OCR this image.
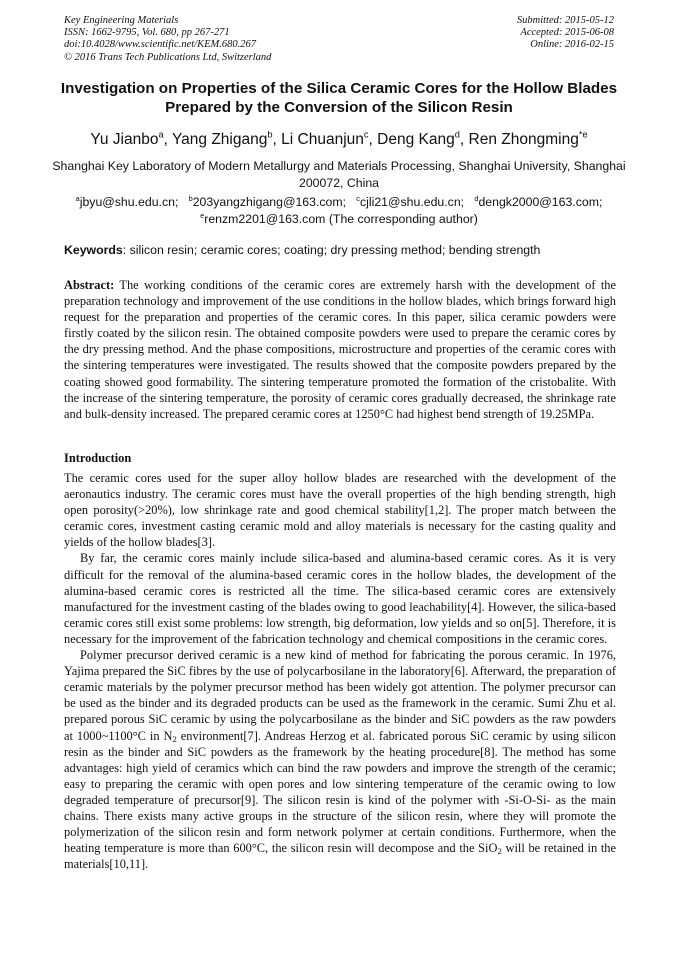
Key Engineering Materials
ISSN: 1662-9795, Vol. 680, pp 267-271
doi:10.4028/www.scientific.net/KEM.680.267
© 2016 Trans Tech Publications Ltd, Switzerland
Submitted: 2015-05-12
Accepted: 2015-06-08
Online: 2016-02-15
Investigation on Properties of the Silica Ceramic Cores for the Hollow Blades Prepared by the Conversion of the Silicon Resin
Yu Jianbo$^a$, Yang Zhigang$^b$, Li Chuanjun$^c$, Deng Kang$^d$, Ren Zhongming$^{*e}$
Shanghai Key Laboratory of Modern Metallurgy and Materials Processing, Shanghai University, Shanghai 200072, China
$^a$jbyu@shu.edu.cn; $^b$203yangzhigang@163.com; $^c$cjli21@shu.edu.cn; $^d$dengk2000@163.com;
$^e$renzm2201@163.com (The corresponding author)
Keywords: silicon resin; ceramic cores; coating; dry pressing method; bending strength
Abstract: The working conditions of the ceramic cores are extremely harsh with the development of the preparation technology and improvement of the use conditions in the hollow blades, which brings forward high request for the preparation and properties of the ceramic cores. In this paper, silica ceramic powders were firstly coated by the silicon resin. The obtained composite powders were used to prepare the ceramic cores by the dry pressing method. And the phase compositions, microstructure and properties of the ceramic cores with the sintering temperatures were investigated. The results showed that the composite powders prepared by the coating showed good formability. The sintering temperature promoted the formation of the cristobalite. With the increase of the sintering temperature, the porosity of ceramic cores gradually decreased, the shrinkage rate and bulk-density increased. The prepared ceramic cores at 1250°C had highest bend strength of 19.25MPa.
Introduction

The ceramic cores used for the super alloy hollow blades are researched with the development of the aeronautics industry. The ceramic cores must have the overall properties of the high bending strength, high open porosity(>20%), low shrinkage rate and good chemical stability[1,2]. The proper match between the ceramic cores, investment casting ceramic mold and alloy materials is necessary for the casting quality and yields of the hollow blades[3].

By far, the ceramic cores mainly include silica-based and alumina-based ceramic cores. As it is very difficult for the removal of the alumina-based ceramic cores in the hollow blades, the development of the alumina-based ceramic cores is restricted all the time. The silica-based ceramic cores are extensively manufactured for the investment casting of the blades owing to good leachability[4]. However, the silica-based ceramic cores still exist some problems: low strength, big deformation, low yields and so on[5]. Therefore, it is necessary for the improvement of the fabrication technology and chemical compositions in the ceramic cores.

Polymer precursor derived ceramic is a new kind of method for fabricating the porous ceramic. In 1976, Yajima prepared the SiC fibres by the use of polycarbosilane in the laboratory[6]. Afterward, the preparation of ceramic materials by the polymer precursor method has been widely got attention. The polymer precursor can be used as the binder and its degraded products can be used as the framework in the ceramic. Sumi Zhu et al. prepared porous SiC ceramic by using the polycarbosilane as the binder and SiC powders as the raw powders at 1000~1100°C in $N_2$ environment[7]. Andreas Herzog et al. fabricated porous SiC ceramic by using silicon resin as the binder and SiC powders as the framework by the heating procedure[8]. The method has some advantages: high yield of ceramics which can bind the raw powders and improve the strength of the ceramic; easy to preparing the ceramic with open pores and low sintering temperature of the ceramic owing to low degraded temperature of precursor[9]. The silicon resin is kind of the polymer with -Si-O-Si- as the main chains. There exists many active groups in the structure of the silicon resin, where they will promote the polymerization of the silicon resin and form network polymer at certain conditions. Furthermore, when the heating temperature is more than 600°C, the silicon resin will decompose and the SiO$_2$ will be retained in the materials[10,11].
